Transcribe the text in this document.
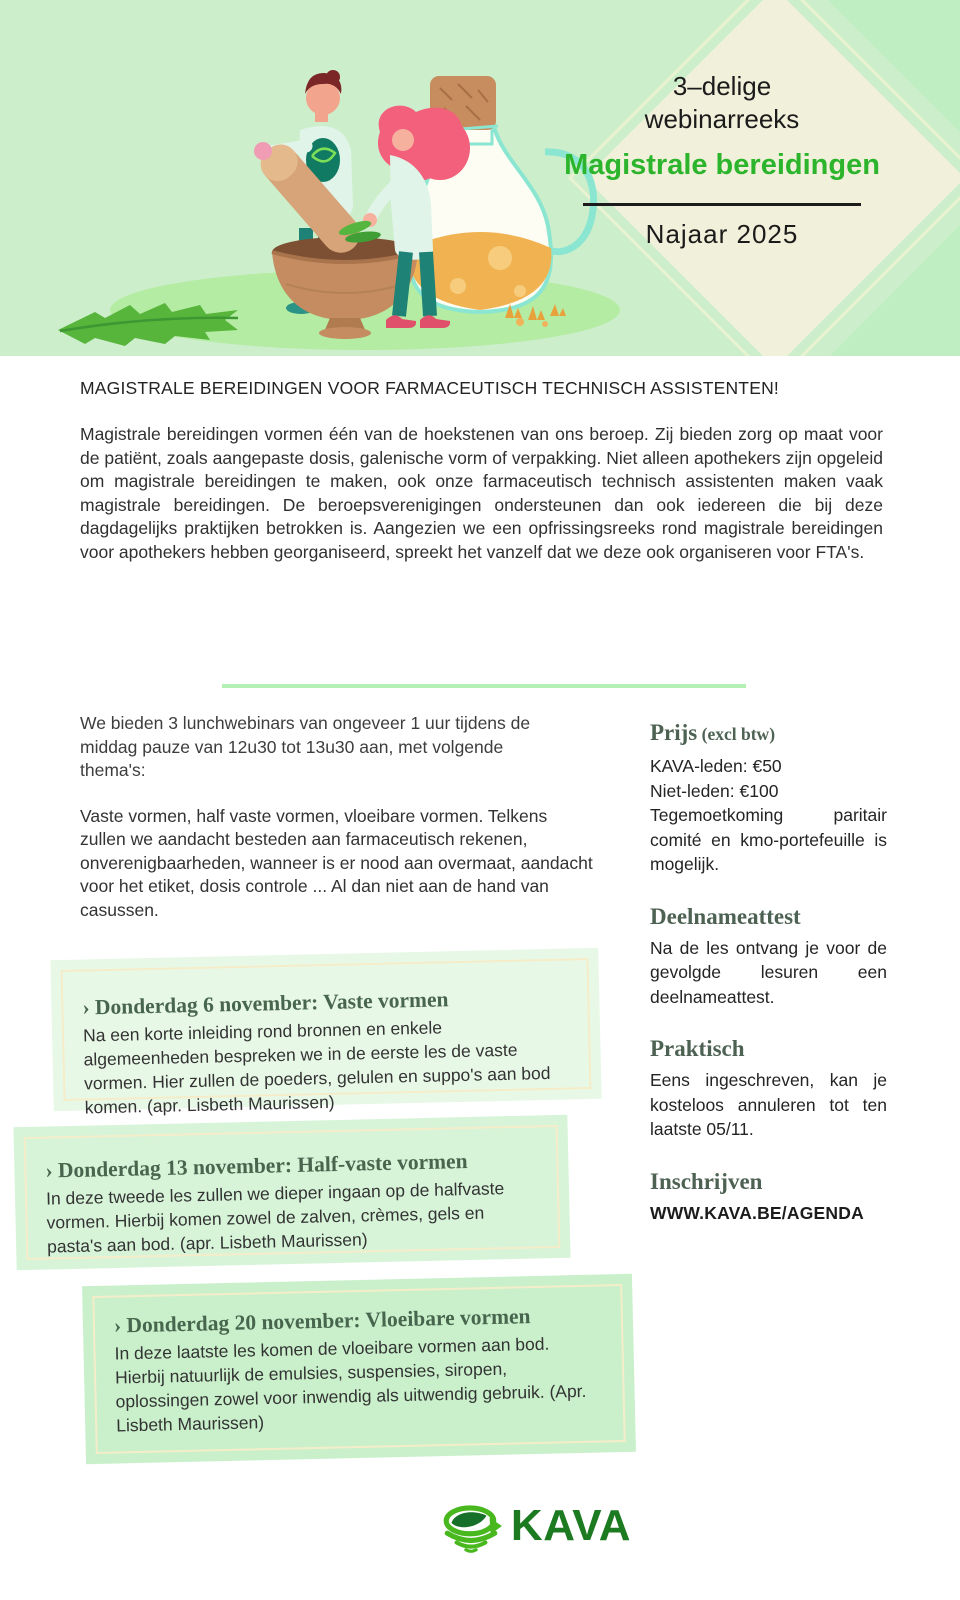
3–delige
webinarreeks
Magistrale bereidingen
Najaar 2025
MAGISTRALE BEREIDINGEN VOOR FARMACEUTISCH TECHNISCH ASSISTENTEN!

Magistrale bereidingen vormen één van de hoekstenen van ons beroep. Zij bieden zorg op maat voor de patiënt, zoals aangepaste dosis, galenische vorm of verpakking. Niet alleen apothekers zijn opgeleid om magistrale bereidingen te maken, ook onze farmaceutisch technisch assistenten maken vaak magistrale bereidingen. De beroepsverenigingen ondersteunen dan ook iedereen die bij deze dagdagelijks praktijken betrokken is. Aangezien we een opfrissingsreeks rond magistrale bereidingen voor apothekers hebben georganiseerd, spreekt het vanzelf dat we deze ook organiseren voor FTA's.

We bieden 3 lunchwebinars van ongeveer 1 uur tijdens de middag pauze van 12u30 tot 13u30 aan, met volgende thema's:

Vaste vormen, half vaste vormen, vloeibare vormen. Telkens zullen we aandacht besteden aan farmaceutisch rekenen, onverenigbaarheden, wanneer is er nood aan overmaat, aandacht voor het etiket, dosis controle ... Al dan niet aan de hand van casussen.

Prijs (excl btw)

KAVA-leden: €50

Niet-leden: €100

Tegemoetkoming paritair comité en kmo-portefeuille is mogelijk.

Deelnameattest

Na de les ontvang je voor de gevolgde lesuren een deelnameattest.

Praktisch

Eens ingeschreven, kan je kosteloos annuleren tot ten laatste 05/11.

Inschrijven

WWW.KAVA.BE/AGENDA

› Donderdag 6 november: Vaste vormen

Na een korte inleiding rond bronnen en enkele algemeenheden bespreken we in de eerste les de vaste vormen. Hier zullen de poeders, gelulen en suppo's aan bod komen. (apr. Lisbeth Maurissen)

› Donderdag 13 november: Half-vaste vormen

In deze tweede les zullen we dieper ingaan op de halfvaste vormen. Hierbij komen zowel de zalven, crèmes, gels en pasta's aan bod. (apr. Lisbeth Maurissen)

› Donderdag 20 november: Vloeibare vormen

In deze laatste les komen de vloeibare vormen aan bod. Hierbij natuurlijk de emulsies, suspensies, siropen, oplossingen zowel voor inwendig als uitwendig gebruik. (Apr. Lisbeth Maurissen)

KAVA
